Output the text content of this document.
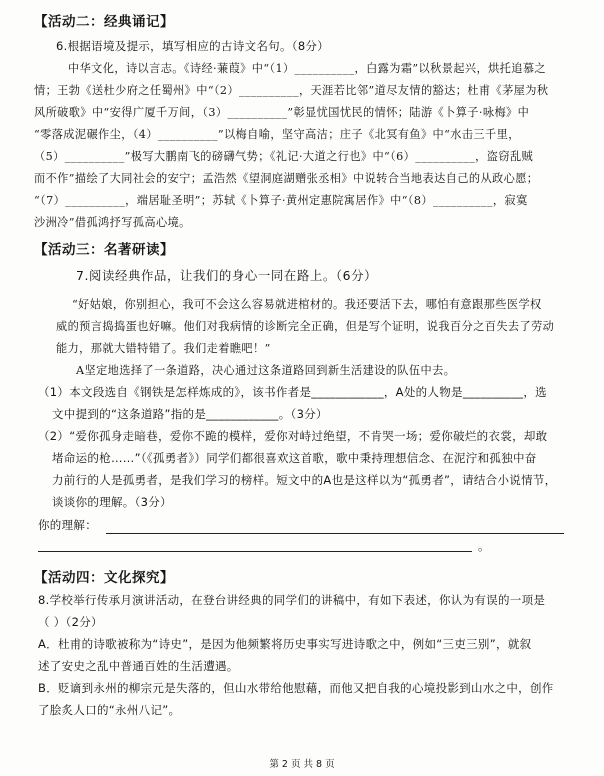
【活动二：经典诵记】
6.根据语境及提示，填写相应的古诗文名句。（8分）
中华文化，诗以言志。《诗经·蒹葭》中“（1）__________，白露为霜”以秋景起兴，烘托追慕之
情；王勃《送杜少府之任蜀州》中“（2）__________，天涯若比邻”道尽友情的豁达；杜甫《茅屋为秋
风所破歌》中“安得广厦千万间，（3）__________”彰显忧国忧民的情怀；陆游《卜算子·咏梅》中
“零落成泥碾作尘，（4）__________”以梅自喻，坚守高洁；庄子《北冥有鱼》中“水击三千里，
（5）__________”极写大鹏南飞的磅礴气势；《礼记·大道之行也》中“（6）__________，盗窃乱贼
而不作”描绘了大同社会的安宁；孟浩然《望洞庭湖赠张丞相》中说转合当地表达自己的从政心愿；
“（7）__________，端居耻圣明”；苏轼《卜算子·黄州定惠院寓居作》中“（8）__________，寂寞
沙洲冷”借孤鸿抒写孤高心境。
【活动三：名著研读】
7.阅读经典作品，让我们的身心一同在路上。（6分）
“好姑娘，你别担心，我可不会这么容易就进棺材的。我还要活下去，哪怕有意跟那些医学权
威的预言捣捣蛋也好嘛。他们对我病情的诊断完全正确，但是写个证明，说我百分之百失去了劳动
能力，那就大错特错了。我们走着瞧吧！”
A坚定地选择了一条道路，决心通过这条道路回到新生活建设的队伍中去。
（1）本文段选自《钢铁是怎样炼成的》，该书作者是____________，A处的人物是__________，选
文中提到的“这条道路”指的是____________。（3分）
（2）“爱你孤身走暗巷，爱你不跪的模样，爱你对峙过绝望，不肯哭一场；爱你破烂的衣裳，却敢
堵命运的枪……”（《孤勇者》）同学们都很喜欢这首歌，歌中秉持理想信念、在泥泞和孤独中奋
力前行的人是孤勇者，是我们学习的榜样。短文中的A也是这样以为“孤勇者”，请结合小说情节，
谈谈你的理解。（3分）
你的理解：
。
【活动四：文化探究】
8.学校举行传承月演讲活动，在登台讲经典的同学们的讲稿中，有如下表述，你认为有误的一项是
（ ）（2分）
A．杜甫的诗歌被称为“诗史”，是因为他频繁将历史事实写进诗歌之中，例如“三吏三别”，就叙
述了安史之乱中普通百姓的生活遭遇。
B．贬谪到永州的柳宗元是失落的，但山水带给他慰藉，而他又把自我的心境投影到山水之中，创作
了脍炙人口的“永州八记”。
第 2 页 共 8 页
